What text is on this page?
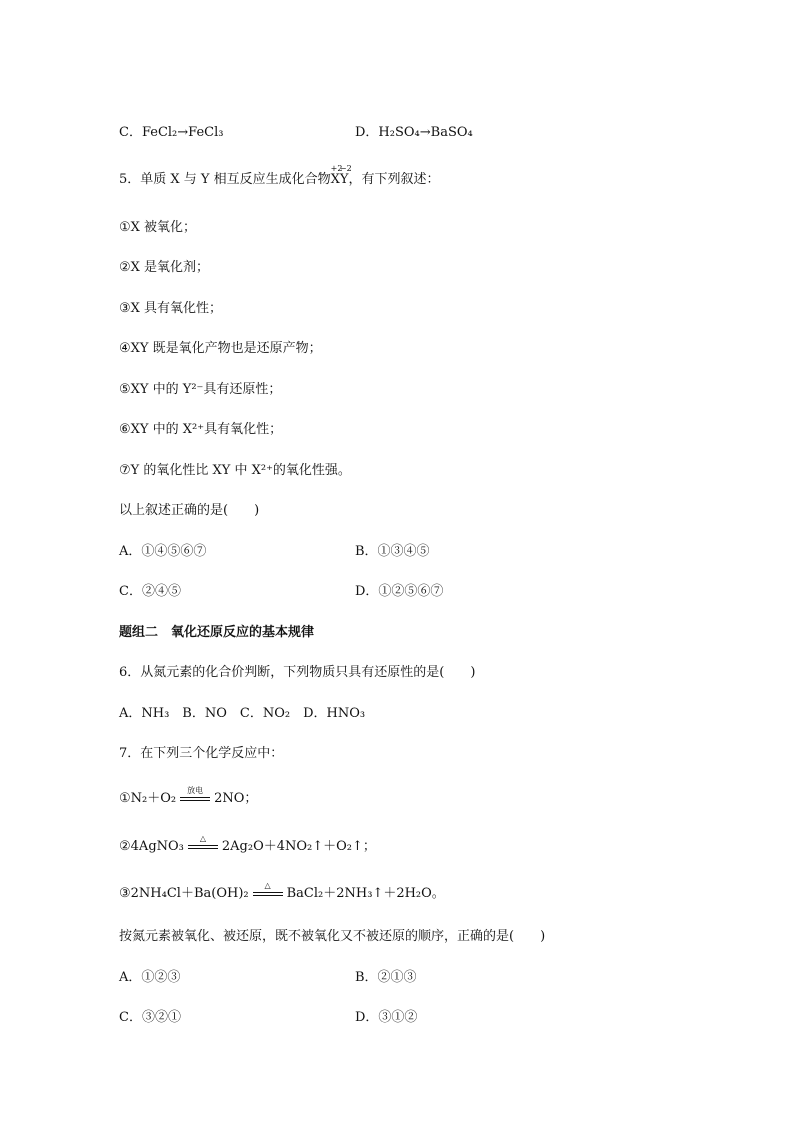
C．FeCl₂→FeCl₃	D．H₂SO₄→BaSO₄
5．单质 X 与 Y 相互反应生成化合物
+2
X
−2
Y，有下列叙述：
①X 被氧化；
②X 是氧化剂；
③X 具有氧化性；
④XY 既是氧化产物也是还原产物；
⑤XY 中的 Y²⁻具有还原性；
⑥XY 中的 X²⁺具有氧化性；
⑦Y 的氧化性比 XY 中 X²⁺的氧化性强。
以上叙述正确的是(　　)
A．①④⑤⑥⑦	B．①③④⑤
C．②④⑤	D．①②⑤⑥⑦
题组二　氧化还原反应的基本规律
6．从氮元素的化合价判断，下列物质只具有还原性的是(　　)
A．NH₃　B．NO　C．NO₂　D．HNO₃
7．在下列三个化学反应中：
①N₂＋O₂
放电
2NO；
②4AgNO₃
△
2Ag₂O＋4NO₂↑＋O₂↑；
③2NH₄Cl＋Ba(OH)₂
△
BaCl₂＋2NH₃↑＋2H₂O。
按氮元素被氧化、被还原，既不被氧化又不被还原的顺序，正确的是(　　)
A．①②③	B．②①③
C．③②①	D．③①②
